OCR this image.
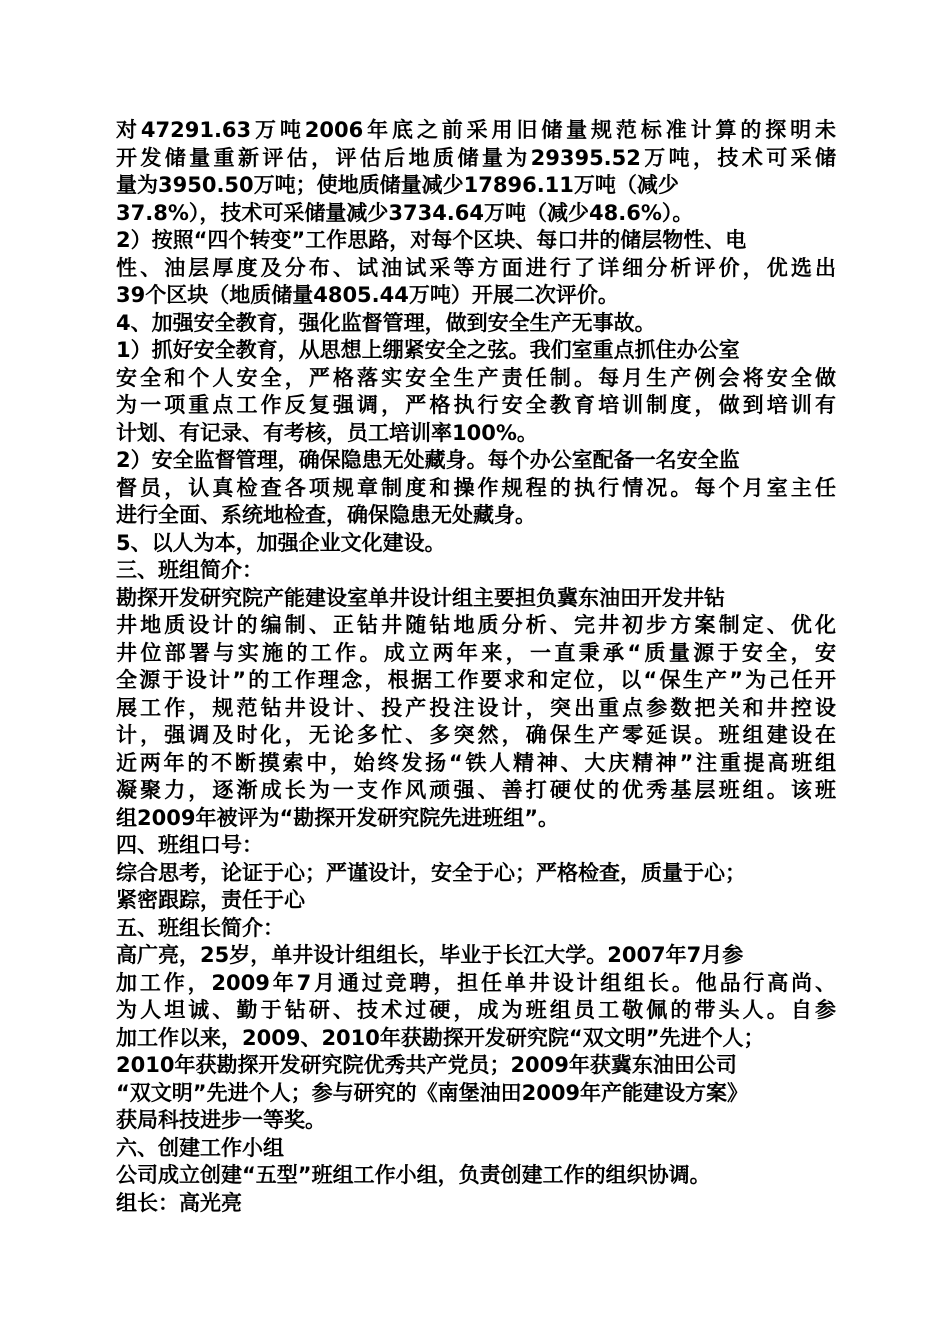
对47291.63万吨2006年底之前采用旧储量规范标准计算的探明未
开发储量重新评估，评估后地质储量为29395.52万吨，技术可采储
量为3950.50万吨；使地质储量减少17896.11万吨（减少
37.8%），技术可采储量减少3734.64万吨（减少48.6%）。
2）按照“四个转变”工作思路，对每个区块、每口井的储层物性、电
性、油层厚度及分布、试油试采等方面进行了详细分析评价，优选出
39个区块（地质储量4805.44万吨）开展二次评价。
4、加强安全教育，强化监督管理，做到安全生产无事故。
1）抓好安全教育，从思想上绷紧安全之弦。我们室重点抓住办公室
安全和个人安全，严格落实安全生产责任制。每月生产例会将安全做
为一项重点工作反复强调，严格执行安全教育培训制度，做到培训有
计划、有记录、有考核，员工培训率100%。
2）安全监督管理，确保隐患无处藏身。每个办公室配备一名安全监
督员，认真检查各项规章制度和操作规程的执行情况。每个月室主任
进行全面、系统地检查，确保隐患无处藏身。
5、以人为本，加强企业文化建设。
三、班组简介：
勘探开发研究院产能建设室单井设计组主要担负冀东油田开发井钻
井地质设计的编制、正钻井随钻地质分析、完井初步方案制定、优化
井位部署与实施的工作。成立两年来，一直秉承“质量源于安全，安
全源于设计”的工作理念，根据工作要求和定位，以“保生产”为己任开
展工作，规范钻井设计、投产投注设计，突出重点参数把关和井控设
计，强调及时化，无论多忙、多突然，确保生产零延误。班组建设在
近两年的不断摸索中，始终发扬“铁人精神、大庆精神”注重提高班组
凝聚力，逐渐成长为一支作风顽强、善打硬仗的优秀基层班组。该班
组2009年被评为“勘探开发研究院先进班组”。
四、班组口号：
综合思考，论证于心；严谨设计，安全于心；严格检查，质量于心；
紧密跟踪，责任于心
五、班组长简介：
高广亮，25岁，单井设计组组长，毕业于长江大学。2007年7月参
加工作，2009年7月通过竞聘，担任单井设计组组长。他品行高尚、
为人坦诚、勤于钻研、技术过硬，成为班组员工敬佩的带头人。自参
加工作以来，2009、2010年获勘探开发研究院“双文明”先进个人；
2010年获勘探开发研究院优秀共产党员；2009年获冀东油田公司
“双文明”先进个人；参与研究的《南堡油田2009年产能建设方案》
获局科技进步一等奖。
六、创建工作小组
公司成立创建“五型”班组工作小组，负责创建工作的组织协调。
组长：高光亮
